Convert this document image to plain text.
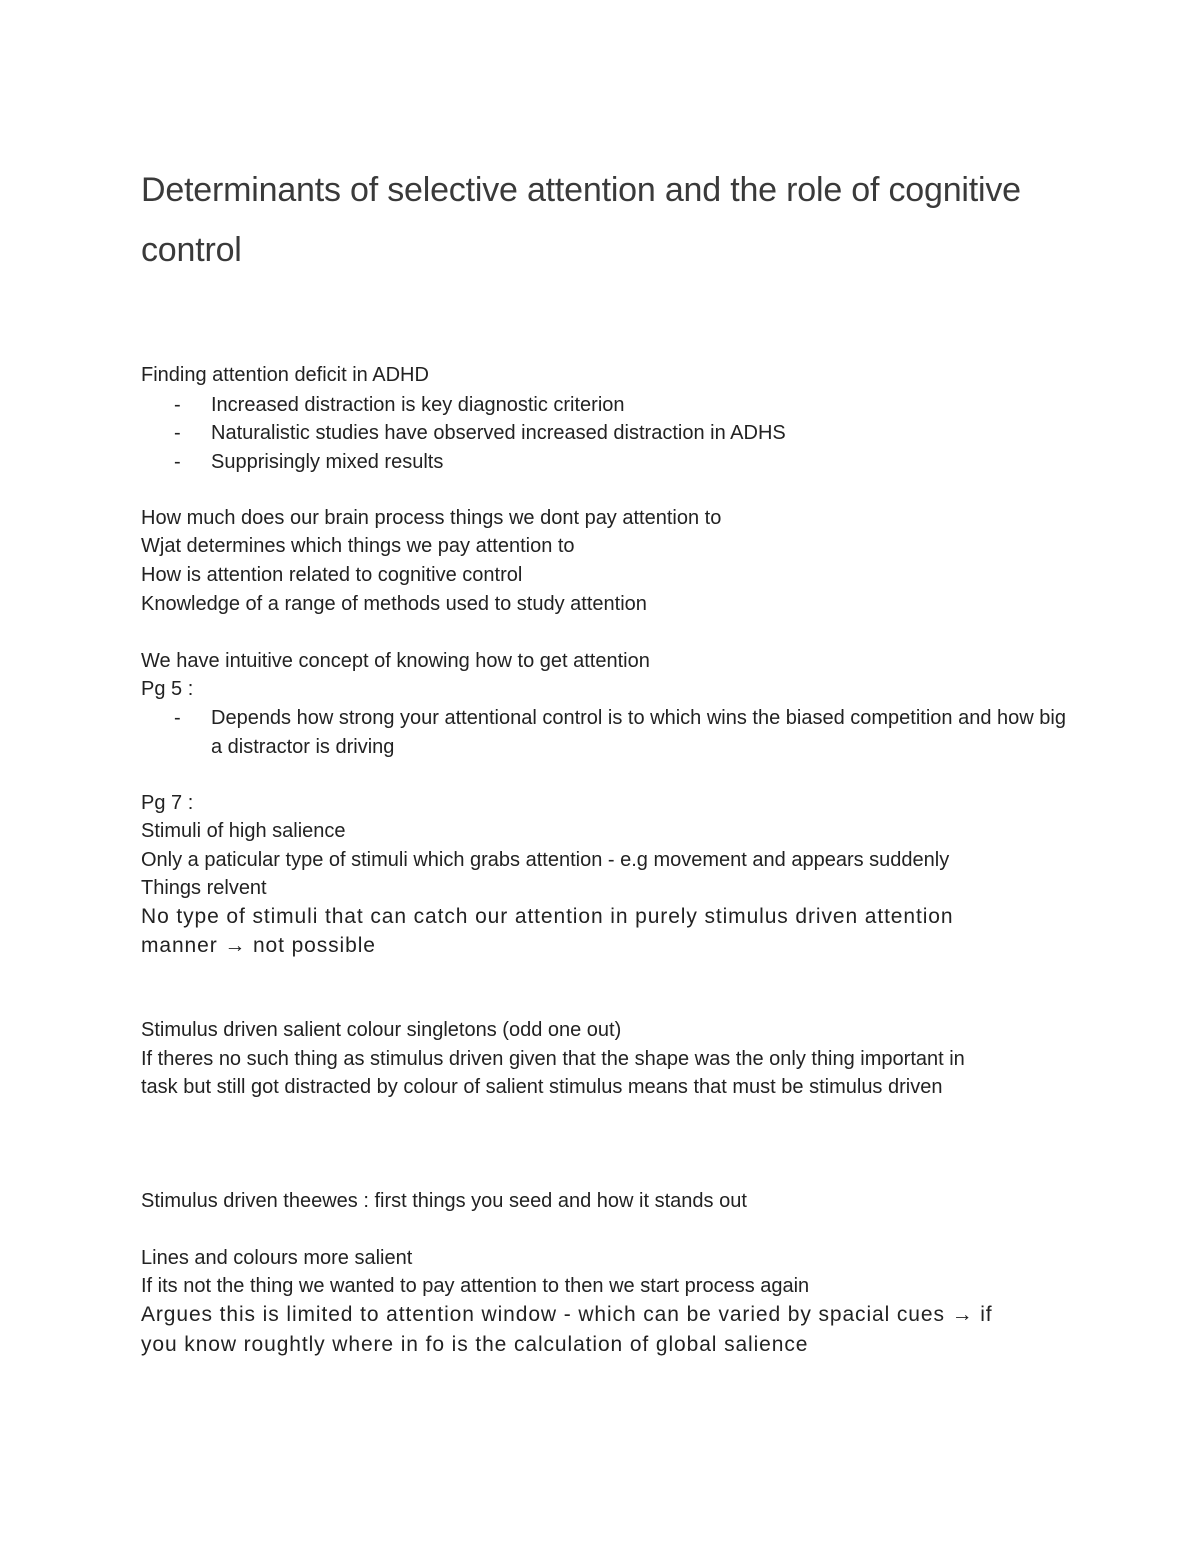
Determinants of selective attention and the role of cognitive control
Finding attention deficit in ADHD
- Increased distraction is key diagnostic criterion
- Naturalistic studies have observed increased distraction in ADHS
- Supprisingly mixed results
How much does our brain process things we dont pay attention to
Wjat determines which things we pay attention to
How is attention related to cognitive control
Knowledge of a range of methods used to study attention
We have intuitive concept of knowing how to get attention
Pg 5 :
- Depends how strong your attentional control is to which wins the biased competition and how big a distractor is driving
Pg 7 :
Stimuli of high salience
Only a paticular type of stimuli which grabs attention - e.g movement and appears suddenly
Things relvent
No type of stimuli that can catch our attention in purely stimulus driven attention
manner → not possible
Stimulus driven salient colour singletons (odd one out)
If theres no such thing as stimulus driven given that the shape was the only thing important in
task but still got distracted by colour of salient stimulus means that must be stimulus driven
Stimulus driven theewes : first things you seed and how it stands out
Lines and colours more salient
If its not the thing we wanted to pay attention to then we start process again
Argues this is limited to attention window - which can be varied by spacial cues → if
you know roughtly where in fo is the calculation of global salience
